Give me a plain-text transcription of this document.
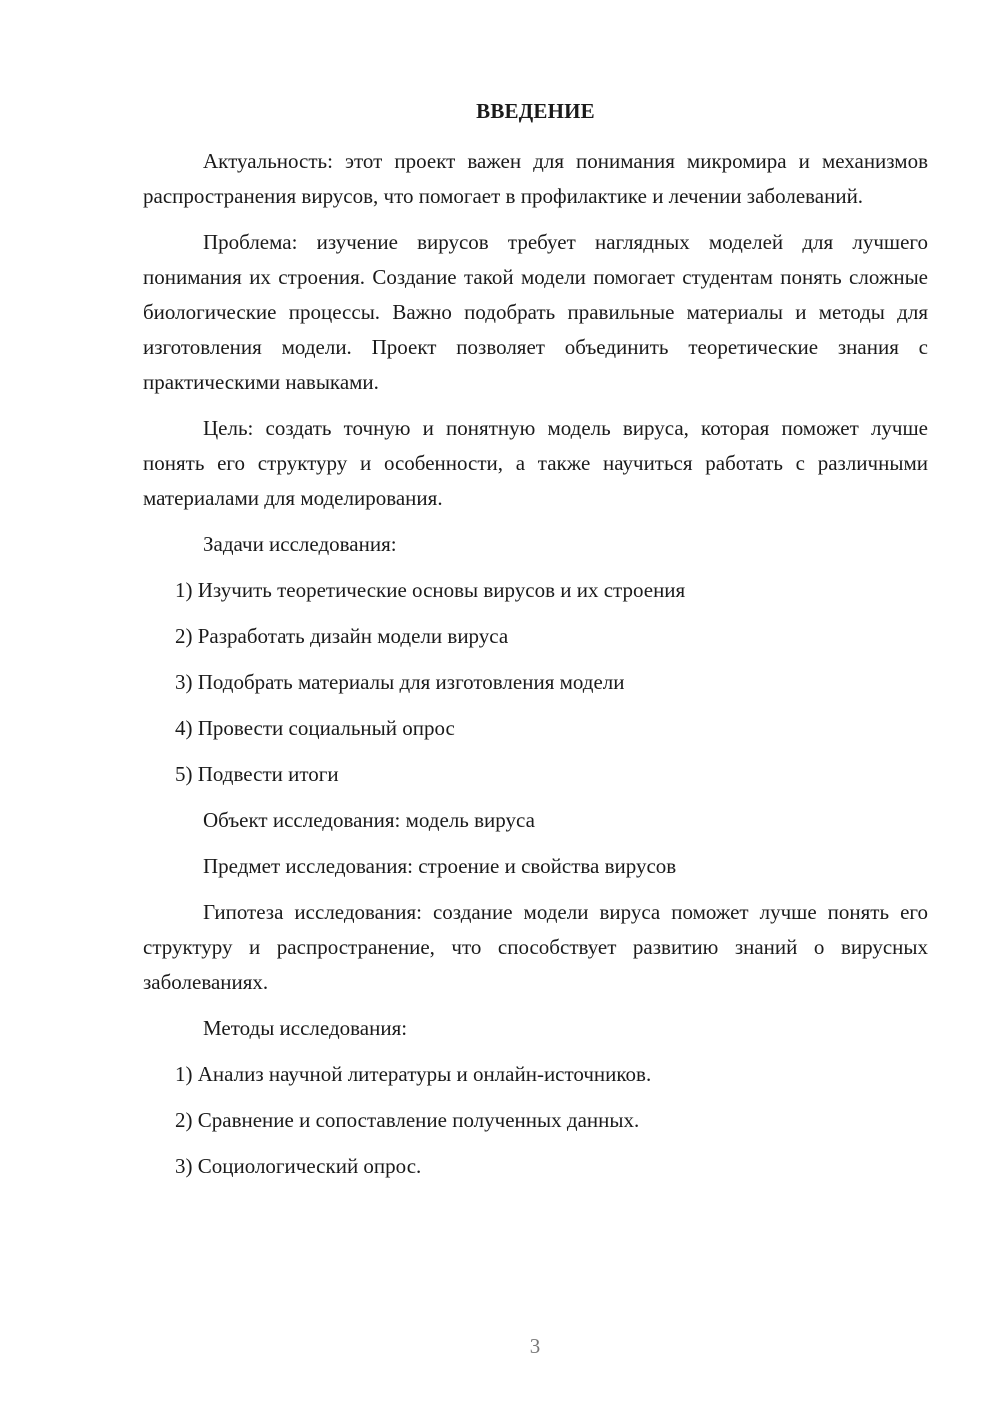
ВВЕДЕНИЕ

Актуальность: этот проект важен для понимания микромира и механизмов распространения вирусов, что помогает в профилактике и лечении заболеваний.

Проблема: изучение вирусов требует наглядных моделей для лучшего понимания их строения. Создание такой модели помогает студентам понять сложные биологические процессы. Важно подобрать правильные материалы и методы для изготовления модели. Проект позволяет объединить теоретические знания с практическими навыками.

Цель: создать точную и понятную модель вируса, которая поможет лучше понять его структуру и особенности, а также научиться работать с различными материалами для моделирования.

Задачи исследования:

1) Изучить теоретические основы вирусов и их строения
2) Разработать дизайн модели вируса
3) Подобрать материалы для изготовления модели
4) Провести социальный опрос
5) Подвести итоги

Объект исследования: модель вируса

Предмет исследования: строение и свойства вирусов

Гипотеза исследования: создание модели вируса поможет лучше понять его структуру и распространение, что способствует развитию знаний о вирусных заболеваниях.

Методы исследования:

1) Анализ научной литературы и онлайн-источников.
2) Сравнение и сопоставление полученных данных.
3) Социологический опрос.
3
